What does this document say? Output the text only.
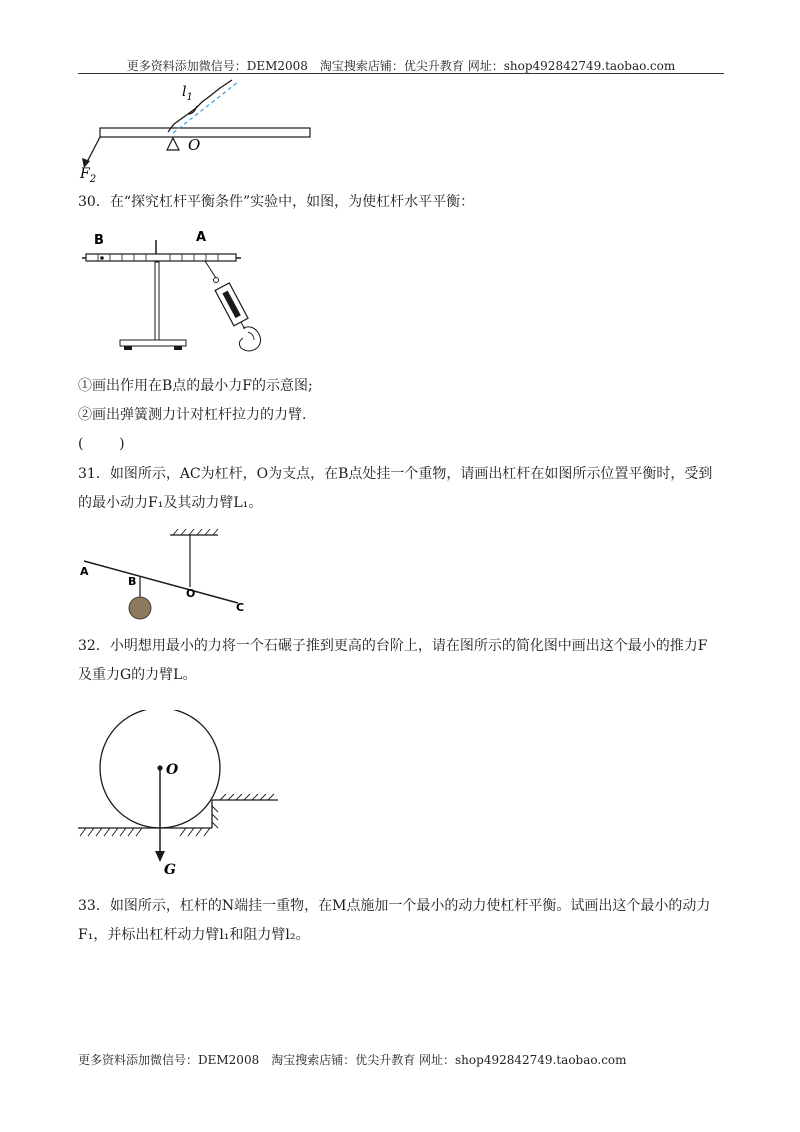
更多资料添加微信号：DEM2008　淘宝搜索店铺：优尖升教育 网址：shop492842749.taobao.com
$l_1$
O
$F_2$

30．在“探究杠杆平衡条件”实验中，如图，为使杠杆水平平衡：

B	A

①画出作用在B点的最小力F的示意图;

②画出弹簧测力计对杠杆拉力的力臂.

(        )

31．如图所示，AC为杠杆，O为支点，在B点处挂一个重物，请画出杠杆在如图所示位置平衡时，受到

的最小动力F₁及其动力臂L₁。

A
B
O
C

32．小明想用最小的力将一个石碾子推到更高的台阶上，请在图所示的简化图中画出这个最小的推力F

及重力G的力臂L。

O
G

33．如图所示，杠杆的N端挂一重物，在M点施加一个最小的动力使杠杆平衡。试画出这个最小的动力

F₁，并标出杠杆动力臂l₁和阻力臂l₂。

更多资料添加微信号：DEM2008　淘宝搜索店铺：优尖升教育 网址：shop492842749.taobao.com
